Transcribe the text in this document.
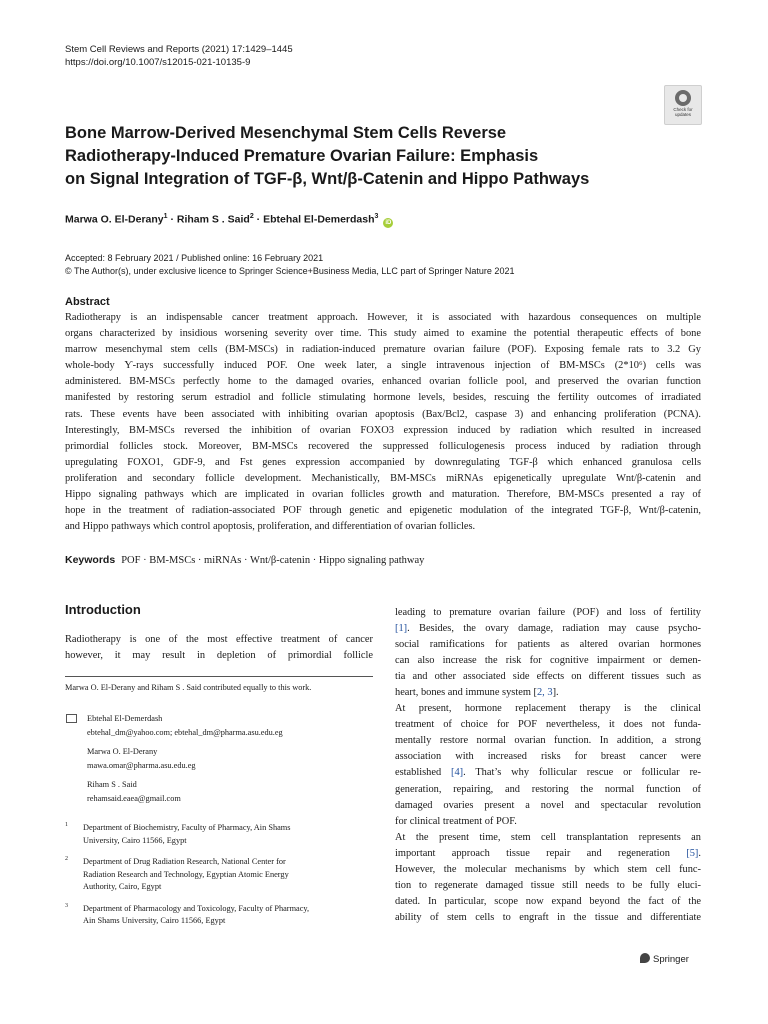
Stem Cell Reviews and Reports (2021) 17:1429–1445
https://doi.org/10.1007/s12015-021-10135-9
Check for
updates
Bone Marrow-Derived Mesenchymal Stem Cells Reverse
Radiotherapy-Induced Premature Ovarian Failure: Emphasis
on Signal Integration of TGF-β, Wnt/β-Catenin and Hippo Pathways
Marwa O. El-Derany$^1$ · Riham S . Said$^2$ · Ebtehal El-Demerdash$^3$ iD
Accepted: 8 February 2021 / Published online: 16 February 2021
© The Author(s), under exclusive licence to Springer Science+Business Media, LLC part of Springer Nature 2021
Abstract
Radiotherapy is an indispensable cancer treatment approach. However, it is associated with hazardous consequences on multiple
organs characterized by insidious worsening severity over time. This study aimed to examine the potential therapeutic effects of bone
marrow mesenchymal stem cells (BM-MSCs) in radiation-induced premature ovarian failure (POF). Exposing female rats to 3.2 Gy
whole-body Ƴ-rays successfully induced POF. One week later, a single intravenous injection of BM-MSCs (2*10⁶) cells was
administered. BM-MSCs perfectly home to the damaged ovaries, enhanced ovarian follicle pool, and preserved the ovarian function
manifested by restoring serum estradiol and follicle stimulating hormone levels, besides, rescuing the fertility outcomes of irradiated
rats. These events have been associated with inhibiting ovarian apoptosis (Bax/Bcl2, caspase 3) and enhancing proliferation (PCNA).
Interestingly, BM-MSCs reversed the inhibition of ovarian FOXO3 expression induced by radiation which resulted in increased
primordial follicles stock. Moreover, BM-MSCs recovered the suppressed folliculogenesis process induced by radiation through
upregulating FOXO1, GDF-9, and Fst genes expression accompanied by downregulating TGF-β which enhanced granulosa cells
proliferation and secondary follicle development. Mechanistically, BM-MSCs miRNAs epigenetically upregulate Wnt/β-catenin and
Hippo signaling pathways which are implicated in ovarian follicles growth and maturation. Therefore, BM-MSCs presented a ray of
hope in the treatment of radiation-associated POF through genetic and epigenetic modulation of the integrated TGF-β, Wnt/β-catenin,
and Hippo pathways which control apoptosis, proliferation, and differentiation of ovarian follicles.
Keywords POF · BM-MSCs · miRNAs · Wnt/β-catenin · Hippo signaling pathway
Introduction
Radiotherapy is one of the most effective treatment of cancer
however, it may result in depletion of primordial follicle
Marwa O. El-Derany and Riham S . Said contributed equally to this work.
Ebtehal El-Demerdash
ebtehal_dm@yahoo.com; ebtehal_dm@pharma.asu.edu.eg
Marwa O. El-Derany
mawa.omar@pharma.asu.edu.eg
Riham S . Said
rehamsaid.eaea@gmail.com
1 Department of Biochemistry, Faculty of Pharmacy, Ain Shams
University, Cairo 11566, Egypt
2 Department of Drug Radiation Research, National Center for
Radiation Research and Technology, Egyptian Atomic Energy
Authority, Cairo, Egypt
3 Department of Pharmacology and Toxicology, Faculty of Pharmacy,
Ain Shams University, Cairo 11566, Egypt
leading to premature ovarian failure (POF) and loss of fertility
[1]. Besides, the ovary damage, radiation may cause psycho-
social ramifications for patients as altered ovarian hormones
can also increase the risk for cognitive impairment or demen-
tia and other associated side effects on different tissues such as
heart, bones and immune system [2, 3].
At present, hormone replacement therapy is the clinical
treatment of choice for POF nevertheless, it does not funda-
mentally restore normal ovarian function. In addition, a strong
association with increased risks for breast cancer were
established [4]. That’s why follicular rescue or follicular re-
generation, repairing, and restoring the normal function of
damaged ovaries present a novel and spectacular revolution
for clinical treatment of POF.
At the present time, stem cell transplantation represents an
important approach tissue repair and regeneration [5].
However, the molecular mechanisms by which stem cell func-
tion to regenerate damaged tissue still needs to be fully eluci-
dated. In particular, scope now expand beyond the fact of the
ability of stem cells to engraft in the tissue and differentiate
Springer
